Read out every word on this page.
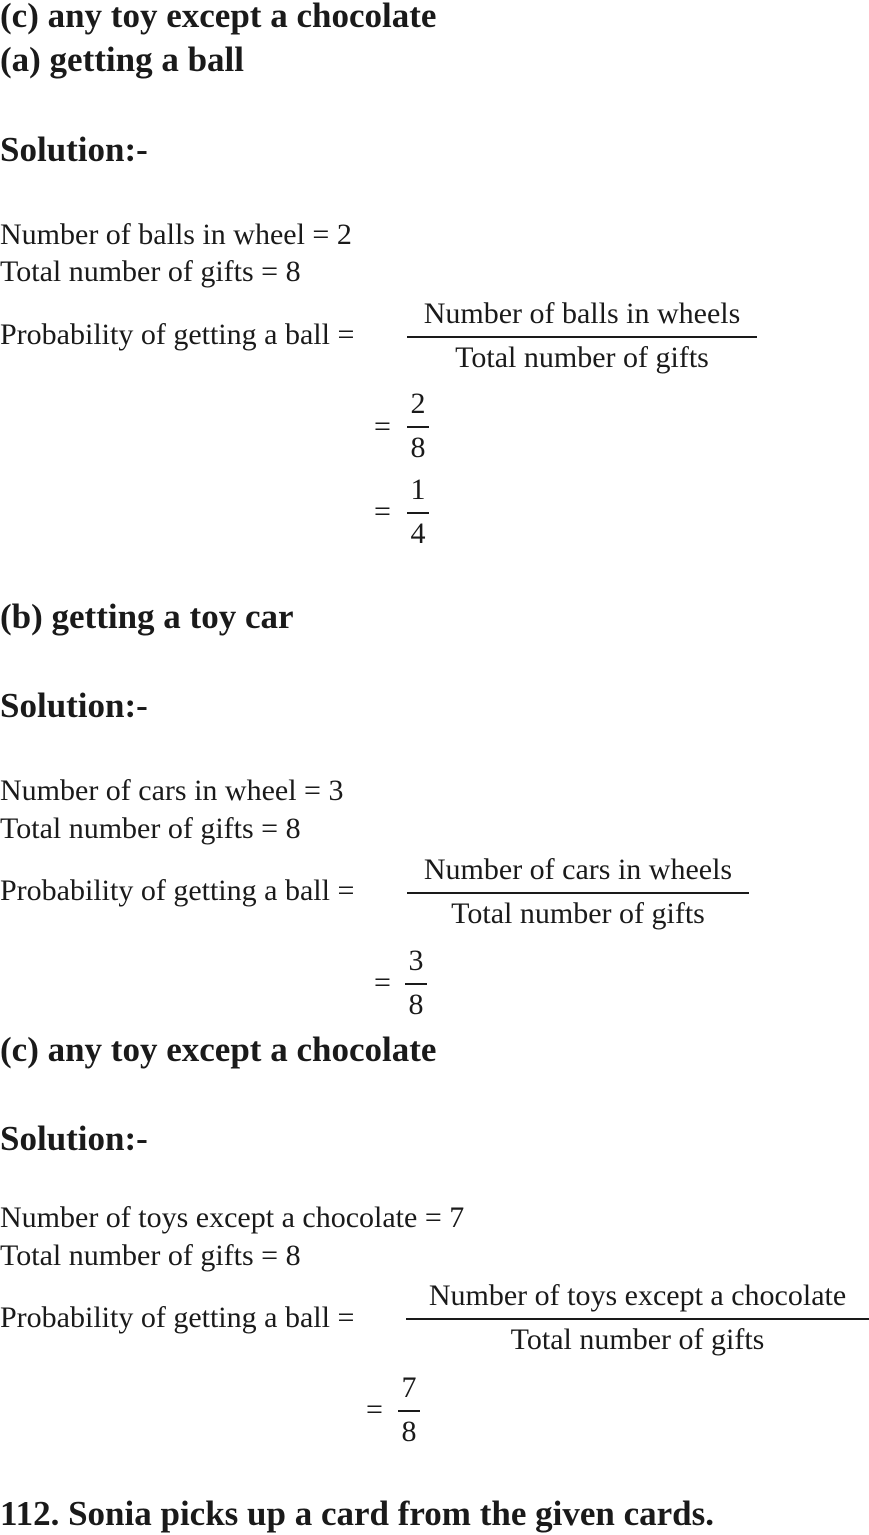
(c) any toy except a chocolate
(a) getting a ball
Solution:-
Number of balls in wheel = 2
Total number of gifts = 8
Probability of getting a ball =
Number of balls in wheels
Total number of gifts
=
2
8
=
1
4
(b) getting a toy car
Solution:-
Number of cars in wheel = 3
Total number of gifts = 8
Probability of getting a ball =
Number of cars in wheels
Total number of gifts
=
3
8
(c) any toy except a chocolate
Solution:-
Number of toys except a chocolate = 7
Total number of gifts = 8
Probability of getting a ball =
Number of toys except a chocolate
Total number of gifts
=
7
8
112. Sonia picks up a card from the given cards.
